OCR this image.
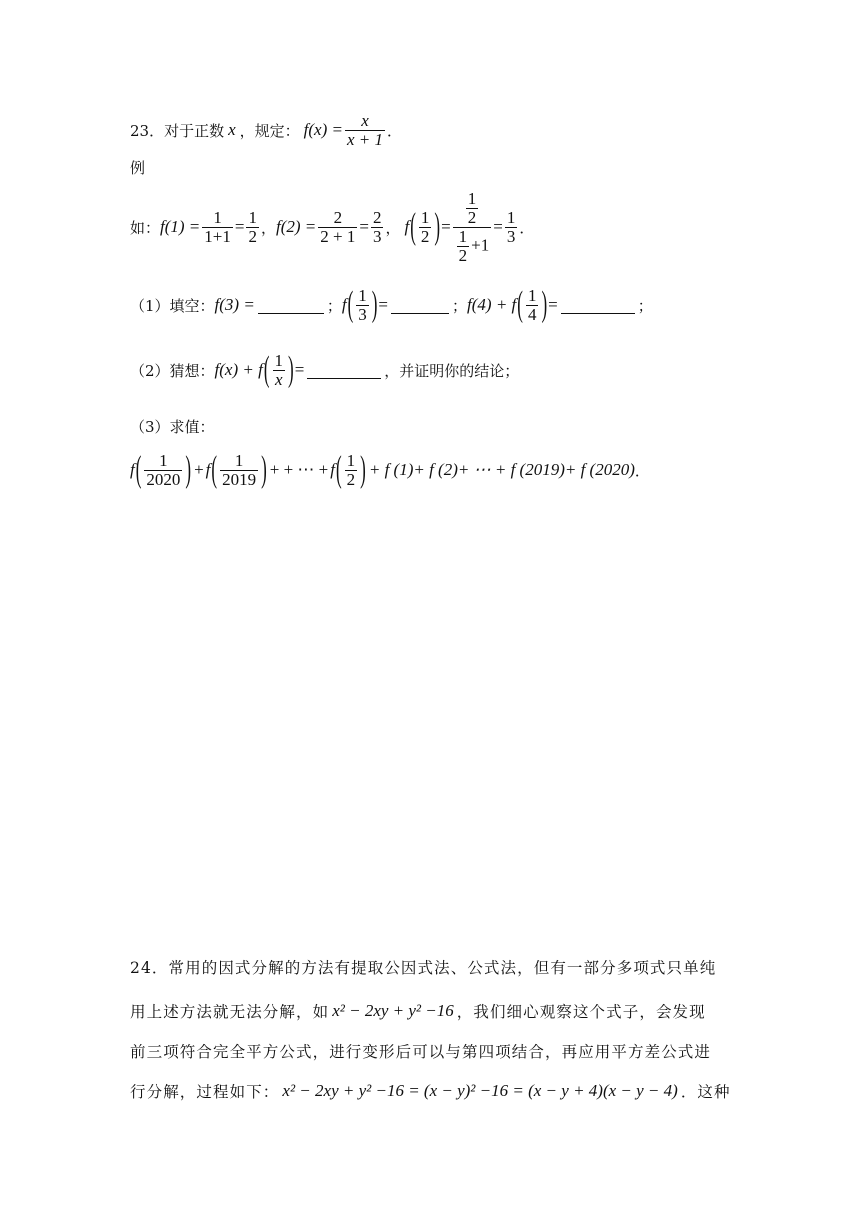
23． 对于正数 x ，规定： $f(x) = \frac{x}{x + 1}$ ．
例
如： $f(1) = \frac{1}{1+1} = \frac{1}{2}$ ， $f(2) = \frac{2}{2 + 1} = \frac{2}{3}$ ， f ( $\frac{1}{2}$ ) = $\frac{\frac{1}{2}}{\frac{1}{2} +1} = \frac{1}{3}$ ．
（1）填空： f(3) =	； f ( $\frac{1}{3}$ ) =	； f(4) + f ( $\frac{1}{4}$ ) =	；
（2）猜想： f(x) + f ( $\frac{1}{x}$ ) =	，并证明你的结论；
（3）求值：
f ( $\frac{1}{2020}$ ) + f ( $\frac{1}{2019}$ ) + + ⋯ + f ( $\frac{1}{2}$ ) + f (1)+ f (2)+ ⋯ + f (2019)+ f (2020) ．
24．常用的因式分解的方法有提取公因式法、公式法，但有一部分多项式只单纯
用上述方法就无法分解，如 x² − 2xy + y² −16 ，我们细心观察这个式子，会发现
前三项符合完全平方公式，进行变形后可以与第四项结合，再应用平方差公式进
行分解，过程如下： x² − 2xy + y² −16 = (x − y)² −16 = (x − y + 4)(x − y − 4) ．这种
